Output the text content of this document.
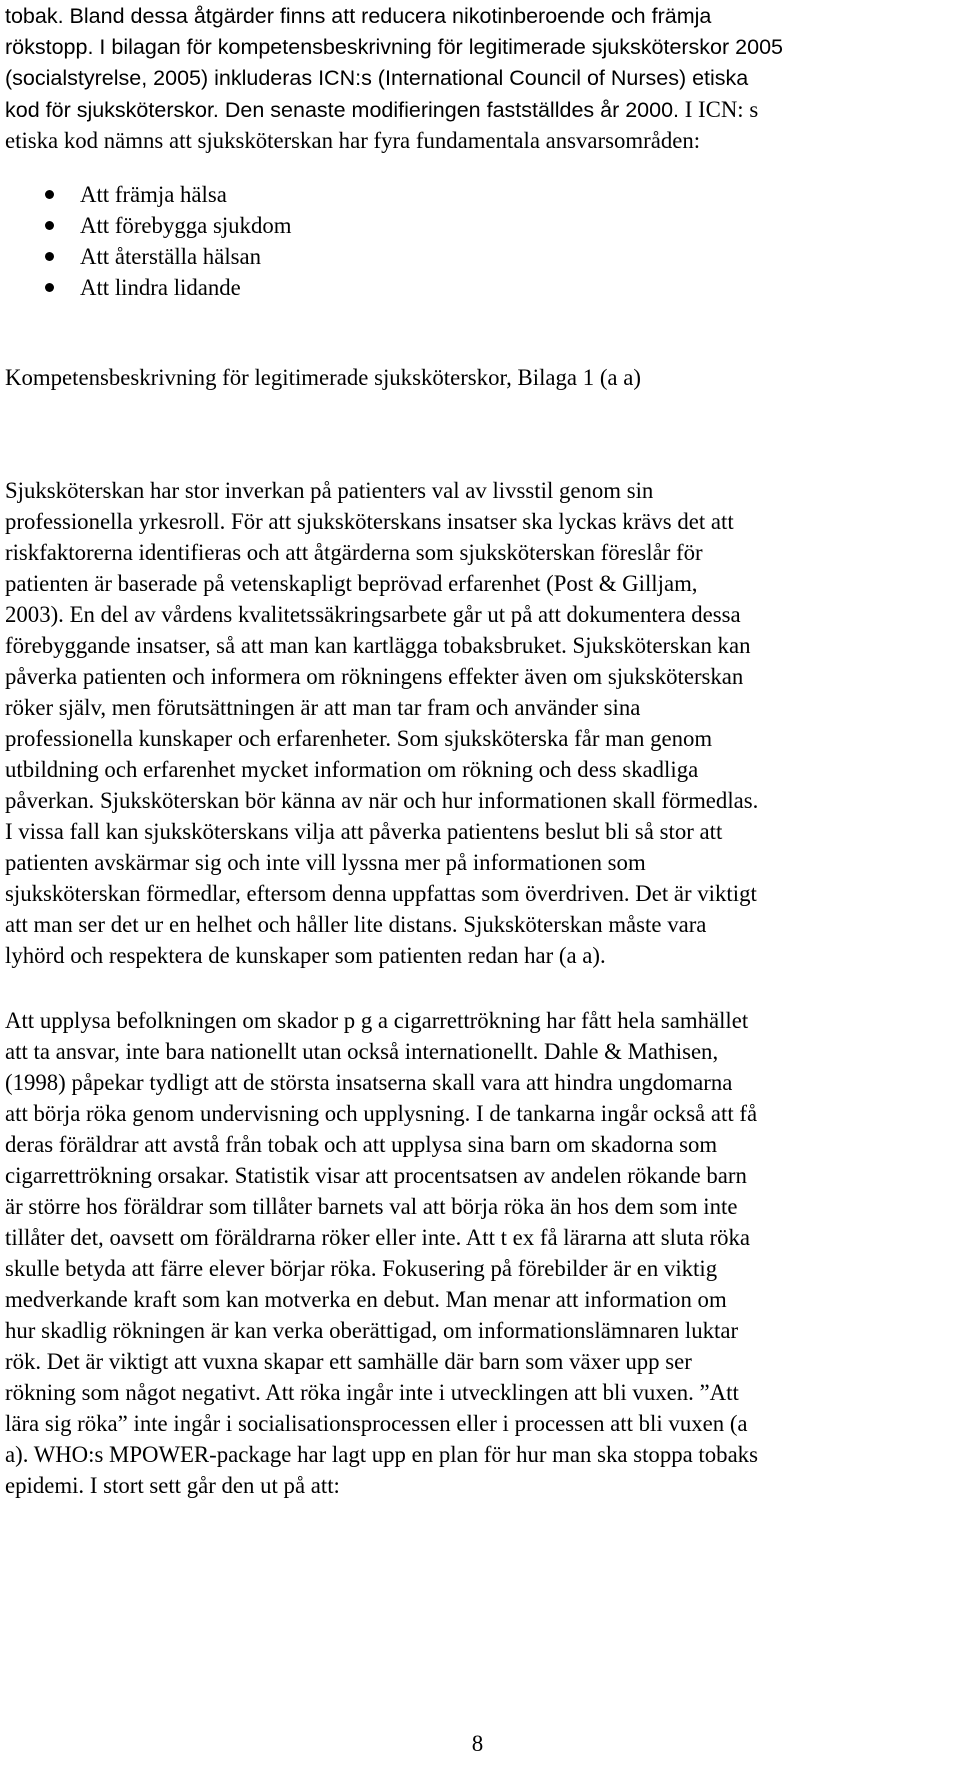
tobak. Bland dessa åtgärder finns att reducera nikotinberoende och främja
rökstopp. I bilagan för kompetensbeskrivning för legitimerade sjuksköterskor 2005
(socialstyrelse, 2005) inkluderas ICN:s (International Council of Nurses) etiska
kod för sjuksköterskor. Den senaste modifieringen fastställdes år 2000. I ICN: s
etiska kod nämns att sjuksköterskan har fyra fundamentala ansvarsområden:
Att främja hälsa
Att förebygga sjukdom
Att återställa hälsan
Att lindra lidande
Kompetensbeskrivning för legitimerade sjuksköterskor, Bilaga 1 (a a)
Sjuksköterskan har stor inverkan på patienters val av livsstil genom sin
professionella yrkesroll. För att sjuksköterskans insatser ska lyckas krävs det att
riskfaktorerna identifieras och att åtgärderna som sjuksköterskan föreslår för
patienten är baserade på vetenskapligt beprövad erfarenhet (Post & Gilljam,
2003). En del av vårdens kvalitetssäkringsarbete går ut på att dokumentera dessa
förebyggande insatser, så att man kan kartlägga tobaksbruket. Sjuksköterskan kan
påverka patienten och informera om rökningens effekter även om sjuksköterskan
röker själv, men förutsättningen är att man tar fram och använder sina
professionella kunskaper och erfarenheter. Som sjuksköterska får man genom
utbildning och erfarenhet mycket information om rökning och dess skadliga
påverkan. Sjuksköterskan bör känna av när och hur informationen skall förmedlas.
I vissa fall kan sjuksköterskans vilja att påverka patientens beslut bli så stor att
patienten avskärmar sig och inte vill lyssna mer på informationen som
sjuksköterskan förmedlar, eftersom denna uppfattas som överdriven. Det är viktigt
att man ser det ur en helhet och håller lite distans. Sjuksköterskan måste vara
lyhörd och respektera de kunskaper som patienten redan har (a a).
Att upplysa befolkningen om skador p g a cigarrettrökning har fått hela samhället
att ta ansvar, inte bara nationellt utan också internationellt. Dahle & Mathisen,
(1998) påpekar tydligt att de största insatserna skall vara att hindra ungdomarna
att börja röka genom undervisning och upplysning. I de tankarna ingår också att få
deras föräldrar att avstå från tobak och att upplysa sina barn om skadorna som
cigarrettrökning orsakar. Statistik visar att procentsatsen av andelen rökande barn
är större hos föräldrar som tillåter barnets val att börja röka än hos dem som inte
tillåter det, oavsett om föräldrarna röker eller inte. Att t ex få lärarna att sluta röka
skulle betyda att färre elever börjar röka. Fokusering på förebilder är en viktig
medverkande kraft som kan motverka en debut. Man menar att information om
hur skadlig rökningen är kan verka oberättigad, om informationslämnaren luktar
rök. Det är viktigt att vuxna skapar ett samhälle där barn som växer upp ser
rökning som något negativt. Att röka ingår inte i utvecklingen att bli vuxen. ”Att
lära sig röka” inte ingår i socialisationsprocessen eller i processen att bli vuxen (a
a). WHO:s MPOWER-package har lagt upp en plan för hur man ska stoppa tobaks
epidemi. I stort sett går den ut på att:
8
